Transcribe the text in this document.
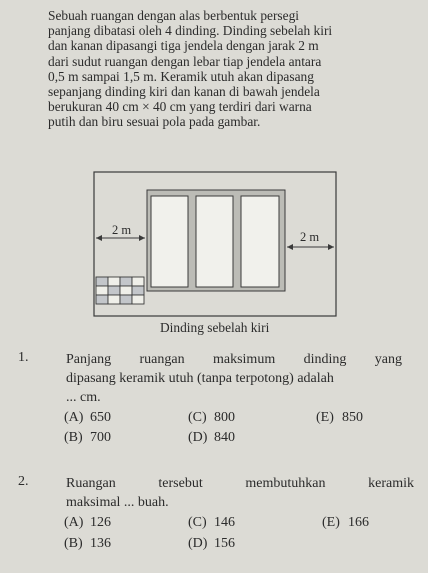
Sebuah ruangan dengan alas berbentuk persegi
panjang dibatasi oleh 4 dinding. Dinding sebelah kiri
dan kanan dipasangi tiga jendela dengan jarak 2 m
dari sudut ruangan dengan lebar tiap jendela antara
0,5 m sampai 1,5 m. Keramik utuh akan dipasang
sepanjang dinding kiri dan kanan di bawah jendela
berukuran 40 cm × 40 cm yang terdiri dari warna
putih dan biru sesuai pola pada gambar.
2 m	2 m
Dinding sebelah kiri
1.	Panjang ruangan maksimum dinding yang
dipasang keramik utuh (tanpa terpotong) adalah
... cm.
(A) 650
(B) 700
(C) 800
(D) 840
(E) 850
2.	Ruangan tersebut membutuhkan keramik
maksimal ... buah.
(A) 126
(B) 136
(C) 146
(D) 156
(E) 166
